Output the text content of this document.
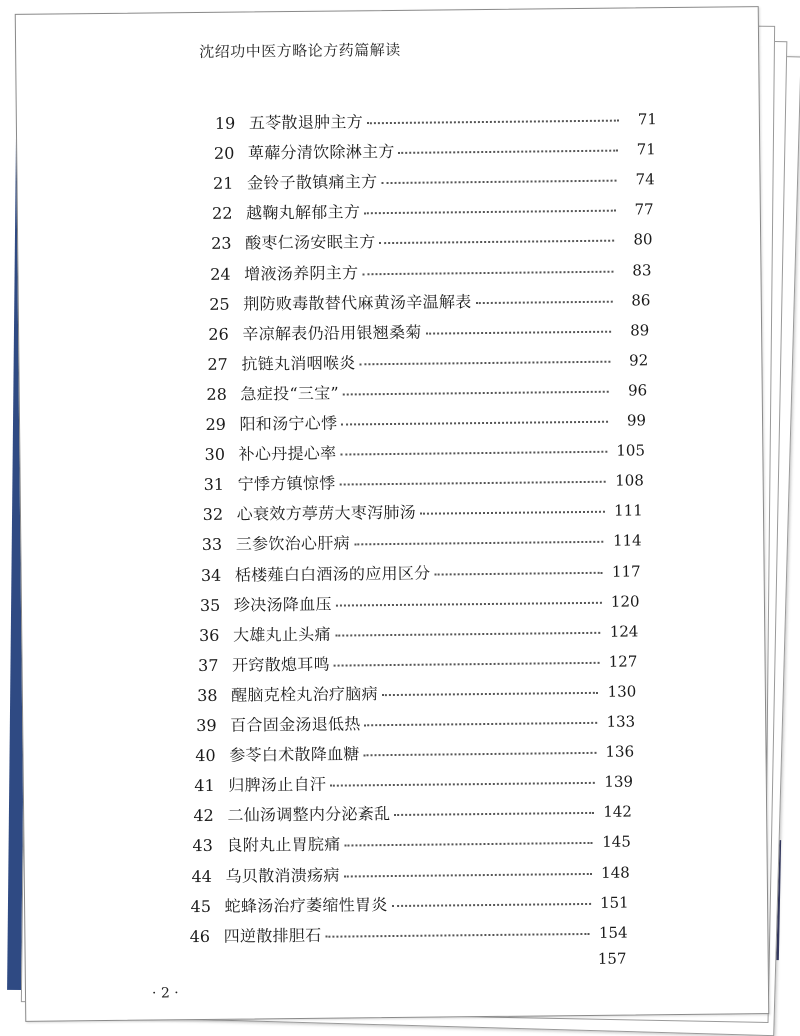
沈绍功中医方略论方药篇解读
19 五苓散退肿主方	71
20 萆薢分清饮除淋主方	71
21 金铃子散镇痛主方	74
22 越鞠丸解郁主方	77
23 酸枣仁汤安眠主方	80
24 增液汤养阴主方	83
25 荆防败毒散替代麻黄汤辛温解表	86
26 辛凉解表仍沿用银翘桑菊	89
27 抗链丸消咽喉炎	92
28 急症投“三宝”	96
29 阳和汤宁心悸	99
30 补心丹提心率	105
31 宁悸方镇惊悸	108
32 心衰效方葶苈大枣泻肺汤	111
33 三参饮治心肝病	114
34 栝楼薤白白酒汤的应用区分	117
35 珍决汤降血压	120
36 大雄丸止头痛	124
37 开窍散熄耳鸣	127
38 醒脑克栓丸治疗脑病	130
39 百合固金汤退低热	133
40 参苓白术散降血糖	136
41 归脾汤止自汗	139
42 二仙汤调整内分泌紊乱	142
43 良附丸止胃脘痛	145
44 乌贝散消溃疡病	148
45 蛇蜂汤治疗萎缩性胃炎	151
46 四逆散排胆石	154
157
· 2 ·
